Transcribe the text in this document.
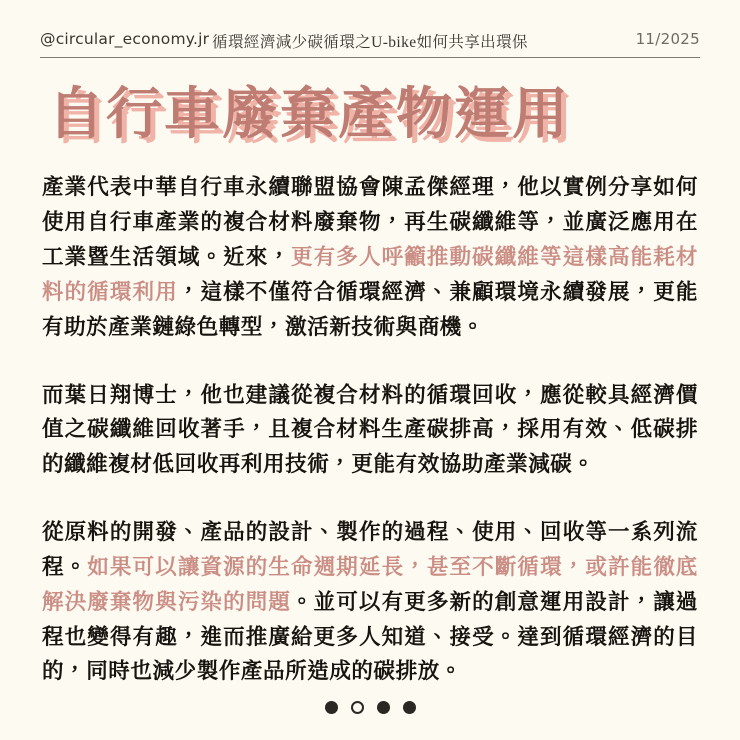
@circular_economy.jr 循環經濟減少碳循環之U-bike如何共享出環保	11/2025
自行車廢棄產物運用

產業代表中華自行車永續聯盟協會陳孟傑經理，他以實例分享如何使用自行車產業的複合材料廢棄物，再生碳纖維等，並廣泛應用在工業暨生活領域。近來，更有多人呼籲推動碳纖維等這樣高能耗材料的循環利用，這樣不僅符合循環經濟、兼顧環境永續發展，更能有助於產業鏈綠色轉型，激活新技術與商機。

而葉日翔博士，他也建議從複合材料的循環回收，應從較具經濟價值之碳纖維回收著手，且複合材料生產碳排高，採用有效、低碳排的纖維複材低回收再利用技術，更能有效協助產業減碳。

從原料的開發、產品的設計、製作的過程、使用、回收等一系列流程。如果可以讓資源的生命週期延長，甚至不斷循環，或許能徹底解決廢棄物與污染的問題。並可以有更多新的創意運用設計，讓過程也變得有趣，進而推廣給更多人知道、接受。達到循環經濟的目的，同時也減少製作產品所造成的碳排放。
